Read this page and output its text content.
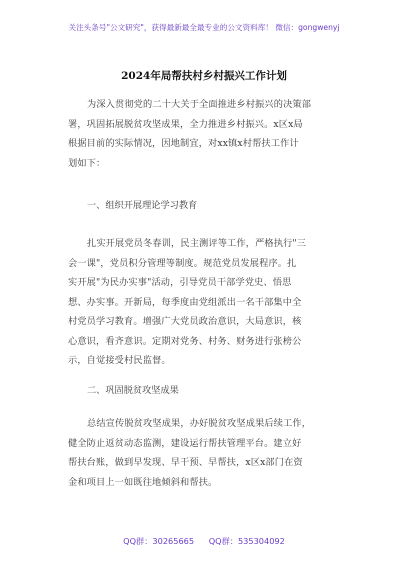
关注头条号"公文研究"，获得最新最全最专业的公文资料库！ 微信：gongwenyj
2024年局帮扶村乡村振兴工作计划

为深入贯彻党的二十大关于全面推进乡村振兴的决策部
署，巩固拓展脱贫攻坚成果，全力推进乡村振兴。x区x局
根据目前的实际情况，因地制宜，对xx镇x村帮扶工作计
划如下：

一、组织开展理论学习教育

扎实开展党员冬春训，民主测评等工作，严格执行"三
会一课"，党员积分管理等制度。规范党员发展程序。扎
实开展"为民办实事"活动，引导党员干部学党史、悟思
想、办实事。开新局，每季度由党组派出一名干部集中全
村党员学习教育。增强广大党员政治意识，大局意识，核
心意识，看齐意识。定期对党务、村务、财务进行张榜公
示，自觉接受村民监督。

二、巩固脱贫攻坚成果

总结宣传脱贫攻坚成果，办好脱贫攻坚成果后续工作，
健全防止返贫动态监测，建设运行帮扶管理平台。建立好
帮扶台账，做到早发现、早干预、早帮扶，x区x部门在资
金和项目上一如既往地倾斜和帮扶。

QQ群：30265665 QQ群：535304092
